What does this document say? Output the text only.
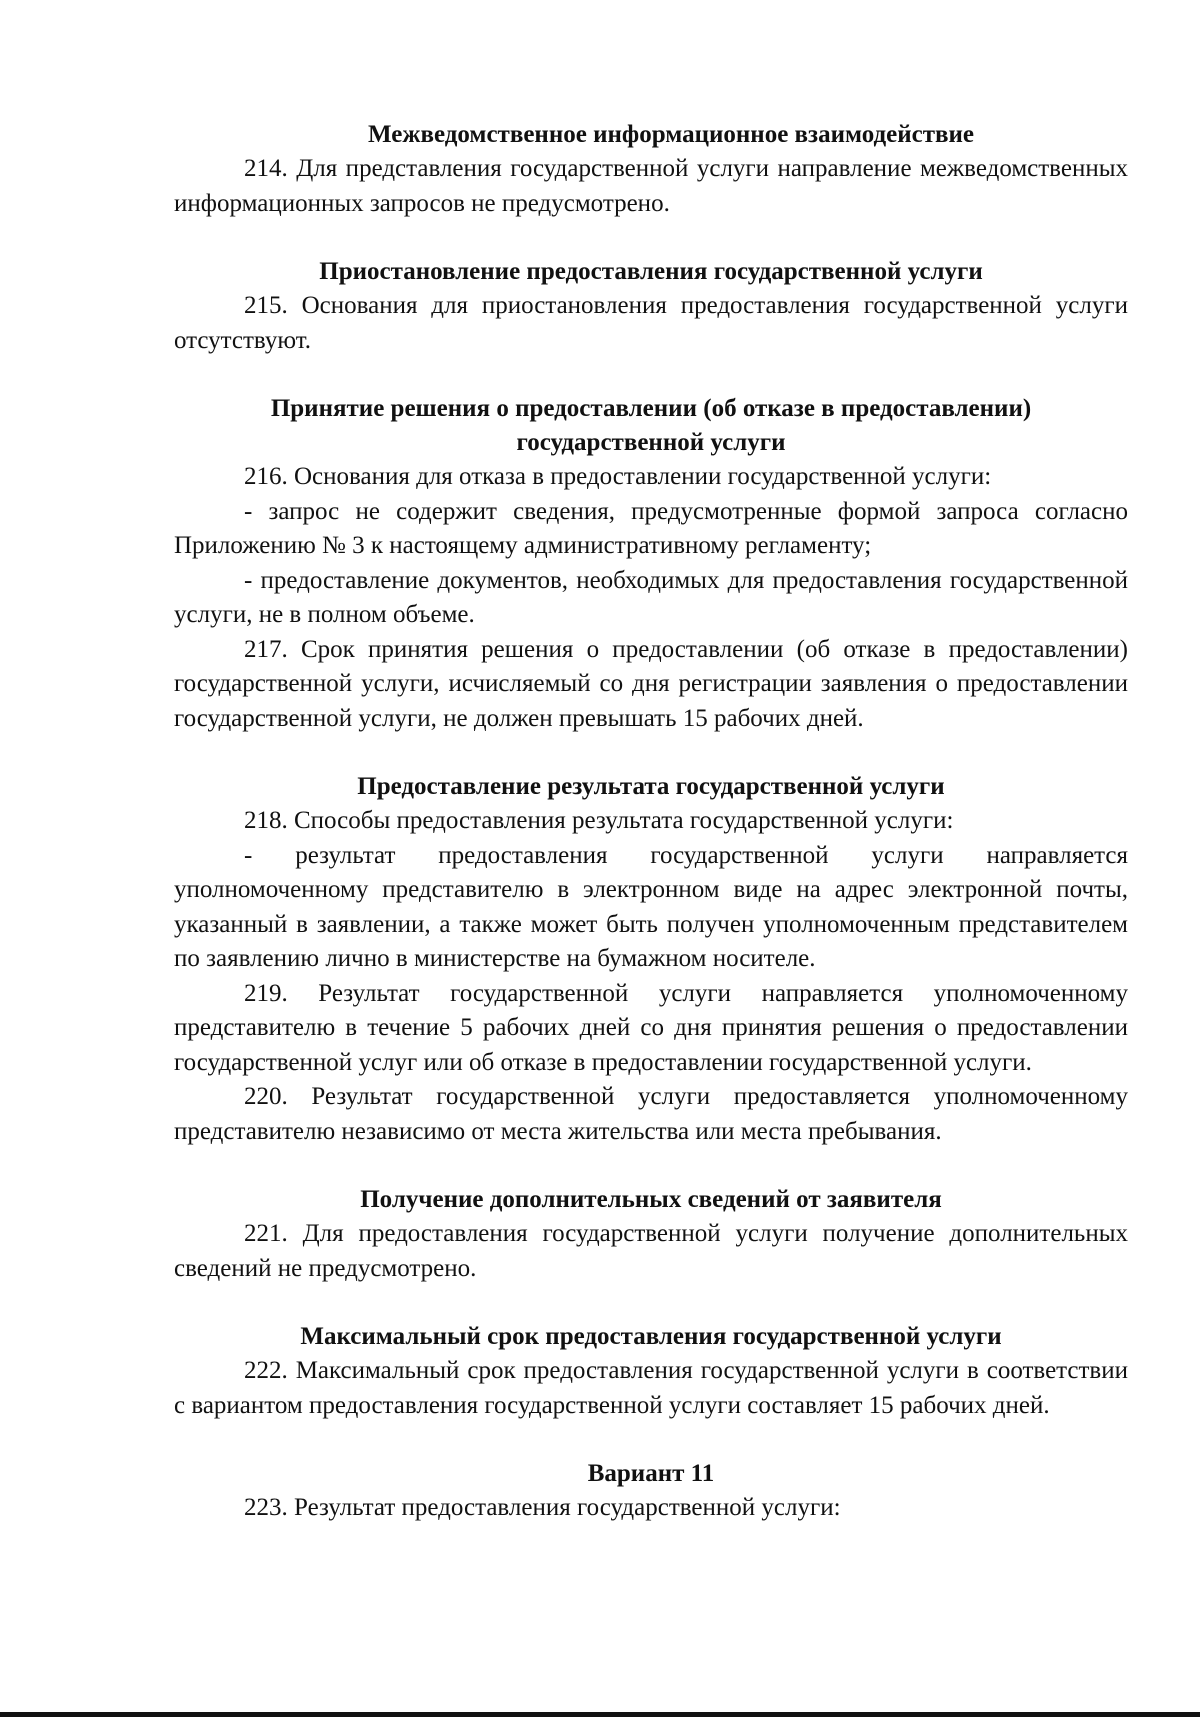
Межведомственное информационное взаимодействие

214. Для представления государственной услуги направление межведомственных информационных запросов не предусмотрено.

Приостановление предоставления государственной услуги

215. Основания для приостановления предоставления государственной услуги отсутствуют.

Принятие решения о предоставлении (об отказе в предоставлении)
государственной услуги

216. Основания для отказа в предоставлении государственной услуги:

- запрос не содержит сведения, предусмотренные формой запроса согласно Приложению № 3 к настоящему административному регламенту;

- предоставление документов, необходимых для предоставления государственной услуги, не в полном объеме.

217. Срок принятия решения о предоставлении (об отказе в предоставлении) государственной услуги, исчисляемый со дня регистрации заявления о предоставлении государственной услуги, не должен превышать 15 рабочих дней.

Предоставление результата государственной услуги

218. Способы предоставления результата государственной услуги:

- результат предоставления государственной услуги направляется уполномоченному представителю в электронном виде на адрес электронной почты, указанный в заявлении, а также может быть получен уполномоченным представителем по заявлению лично в министерстве на бумажном носителе.

219. Результат государственной услуги направляется уполномоченному представителю в течение 5 рабочих дней со дня принятия решения о предоставлении государственной услуг или об отказе в предоставлении государственной услуги.

220. Результат государственной услуги предоставляется уполномоченному представителю независимо от места жительства или места пребывания.

Получение дополнительных сведений от заявителя

221. Для предоставления государственной услуги получение дополнительных сведений не предусмотрено.

Максимальный срок предоставления государственной услуги

222. Максимальный срок предоставления государственной услуги в соответствии с вариантом предоставления государственной услуги составляет 15 рабочих дней.

Вариант 11

223. Результат предоставления государственной услуги:
